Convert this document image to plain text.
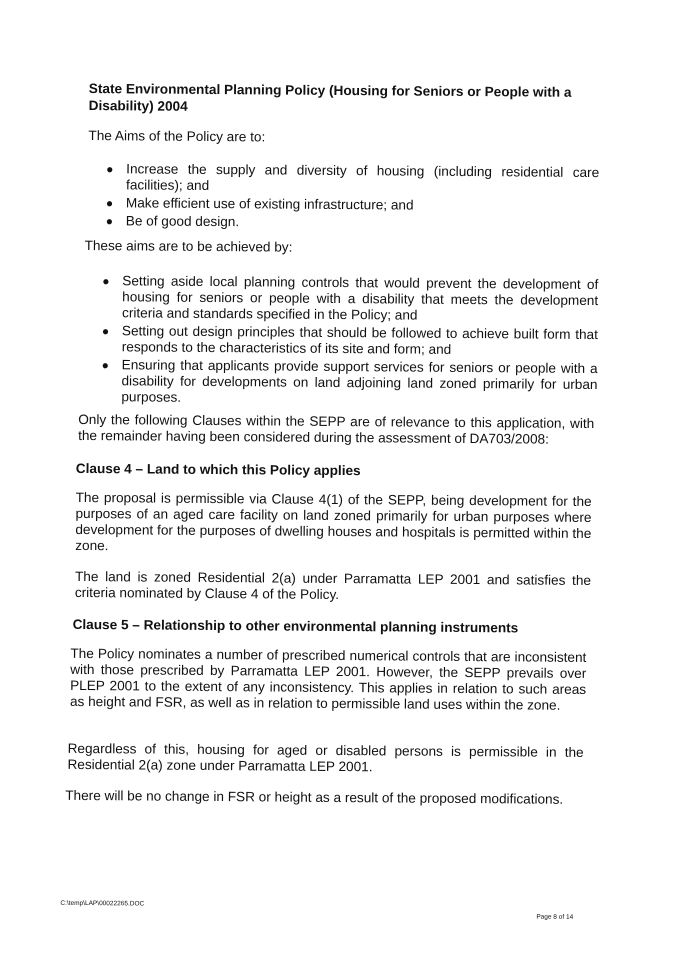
State Environmental Planning Policy (Housing for Seniors or People with a Disability) 2004
The Aims of the Policy are to:
● Increase the supply and diversity of housing (including residential care facilities); and
● Make efficient use of existing infrastructure; and
● Be of good design.
These aims are to be achieved by:
● Setting aside local planning controls that would prevent the development of housing for seniors or people with a disability that meets the development criteria and standards specified in the Policy; and
● Setting out design principles that should be followed to achieve built form that responds to the characteristics of its site and form; and
● Ensuring that applicants provide support services for seniors or people with a disability for developments on land adjoining land zoned primarily for urban purposes.
Only the following Clauses within the SEPP are of relevance to this application, with the remainder having been considered during the assessment of DA703/2008:
Clause 4 – Land to which this Policy applies
The proposal is permissible via Clause 4(1) of the SEPP, being development for the purposes of an aged care facility on land zoned primarily for urban purposes where development for the purposes of dwelling houses and hospitals is permitted within the zone.
The land is zoned Residential 2(a) under Parramatta LEP 2001 and satisfies the criteria nominated by Clause 4 of the Policy.
Clause 5 – Relationship to other environmental planning instruments
The Policy nominates a number of prescribed numerical controls that are inconsistent with those prescribed by Parramatta LEP 2001. However, the SEPP prevails over PLEP 2001 to the extent of any inconsistency. This applies in relation to such areas as height and FSR, as well as in relation to permissible land uses within the zone.
Regardless of this, housing for aged or disabled persons is permissible in the Residential 2(a) zone under Parramatta LEP 2001.
There will be no change in FSR or height as a result of the proposed modifications.
C:\temp\LAP\00022265.DOC
Page 8 of 14
